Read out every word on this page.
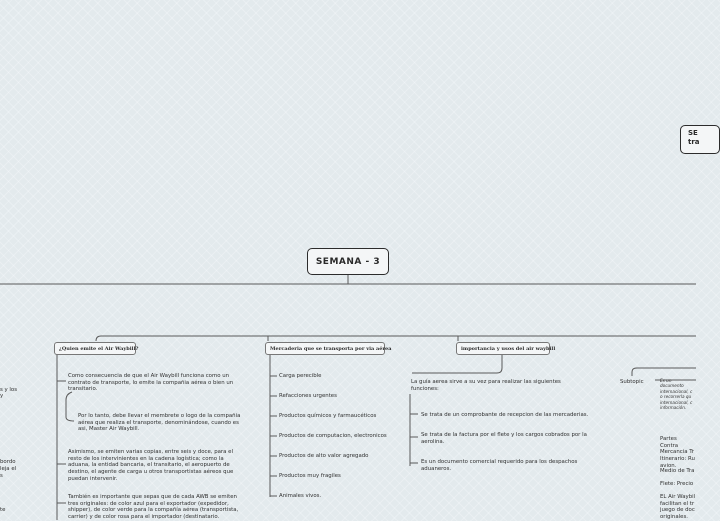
SEMANA - 3
SE
tra
¿Quien emite el Air Waybill?
Como consecuencia de que el Air Waybill funciona como un contrato de transporte, lo emite la compañia aérea o bien un transitario.
Por lo tanto, debe llevar el membrete o logo de la compañia aérea que realiza el transporte, denominándose, cuando es asi, Master Air Waybill.
Asimismo, se emiten varias copias, entre seis y doce, para el resto de los intervinientes en la cadena logística; como la aduana, la entidad bancaria, el transitario, el aeropuerto de destino, el agente de carga u otros transportistas aéreos que puedan intervenir.
También es importante que sepas que de cada AWB se emiten tres originales: de color azul para el exportador (expedidor, shipper), de color verde para la compañía aérea (transportista, carrier) y de color rosa para el importador (destinatario.
Mercaderia que se transporta por via aérea
Carga perecible
Refacciones urgentes
Productos químicos y farmaucéticos
Productos de computacion, electronicos
Productos de alto valor agregado
Productos muy fragiles
Animales vivos.
importancia y usos del air waybill
La guía aerea sirve a su vez para realizar las siguientes funciones:
Se trata de un comprobante de recepcion de las mercaderias.
Se trata de la factura por el flete y los cargos cobrados por la aerolina.
Es un documento comercial requerido para los despachos aduaneros.
Subtopic	Es un documento internacional, c o recorrerla qu internacional, c información.
Partes Contra Mercancia Tr Itinerario: Ru avion.
Medio de Tra
Flete: Precio
EL Air Waybil facilitan el tr juego de doc originales.
s y los
y
bordo
leja el
s
te
